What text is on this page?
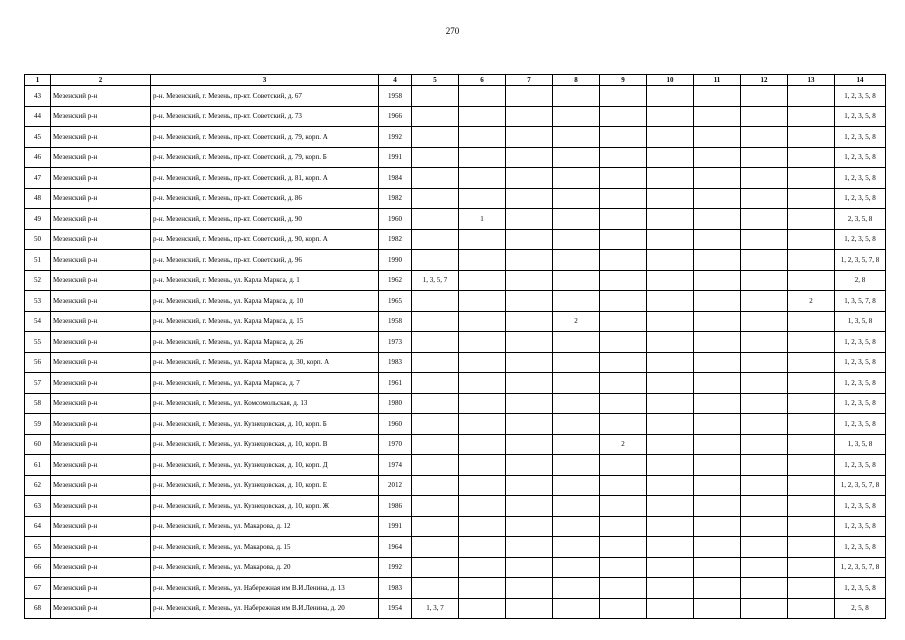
270
1	2	3	4	5	6	7	8	9	10	11	12	13	14
43	Мезенский р-н	р-н. Мезенский, г. Мезень, пр-кт. Советский, д. 67	1958										1, 2, 3, 5, 8
44	Мезенский р-н	р-н. Мезенский, г. Мезень, пр-кт. Советский, д. 73	1966										1, 2, 3, 5, 8
45	Мезенский р-н	р-н. Мезенский, г. Мезень, пр-кт. Советский, д. 79, корп. А	1992										1, 2, 3, 5, 8
46	Мезенский р-н	р-н. Мезенский, г. Мезень, пр-кт. Советский, д. 79, корп. Б	1991										1, 2, 3, 5, 8
47	Мезенский р-н	р-н. Мезенский, г. Мезень, пр-кт. Советский, д. 81, корп. А	1984										1, 2, 3, 5, 8
48	Мезенский р-н	р-н. Мезенский, г. Мезень, пр-кт. Советский, д. 86	1982										1, 2, 3, 5, 8
49	Мезенский р-н	р-н. Мезенский, г. Мезень, пр-кт. Советский, д. 90	1960		1								2, 3, 5, 8
50	Мезенский р-н	р-н. Мезенский, г. Мезень, пр-кт. Советский, д. 90, корп. А	1982										1, 2, 3, 5, 8
51	Мезенский р-н	р-н. Мезенский, г. Мезень, пр-кт. Советский, д. 96	1990										1, 2, 3, 5, 7, 8
52	Мезенский р-н	р-н. Мезенский, г. Мезень, ул. Карла Маркса, д. 1	1962	1, 3, 5, 7									2, 8
53	Мезенский р-н	р-н. Мезенский, г. Мезень, ул. Карла Маркса, д. 10	1965									2	1, 3, 5, 7, 8
54	Мезенский р-н	р-н. Мезенский, г. Мезень, ул. Карла Маркса, д. 15	1958				2						1, 3, 5, 8
55	Мезенский р-н	р-н. Мезенский, г. Мезень, ул. Карла Маркса, д. 26	1973										1, 2, 3, 5, 8
56	Мезенский р-н	р-н. Мезенский, г. Мезень, ул. Карла Маркса, д. 30, корп. А	1983										1, 2, 3, 5, 8
57	Мезенский р-н	р-н. Мезенский, г. Мезень, ул. Карла Маркса, д. 7	1961										1, 2, 3, 5, 8
58	Мезенский р-н	р-н. Мезенский, г. Мезень, ул. Комсомольская, д. 13	1980										1, 2, 3, 5, 8
59	Мезенский р-н	р-н. Мезенский, г. Мезень, ул. Кузнецовская, д. 10, корп. Б	1960										1, 2, 3, 5, 8
60	Мезенский р-н	р-н. Мезенский, г. Мезень, ул. Кузнецовская, д. 10, корп. В	1970					2					1, 3, 5, 8
61	Мезенский р-н	р-н. Мезенский, г. Мезень, ул. Кузнецовская, д. 10, корп. Д	1974										1, 2, 3, 5, 8
62	Мезенский р-н	р-н. Мезенский, г. Мезень, ул. Кузнецовская, д. 10, корп. Е	2012										1, 2, 3, 5, 7, 8
63	Мезенский р-н	р-н. Мезенский, г. Мезень, ул. Кузнецовская, д. 10, корп. Ж	1986										1, 2, 3, 5, 8
64	Мезенский р-н	р-н. Мезенский, г. Мезень, ул. Макарова, д. 12	1991										1, 2, 3, 5, 8
65	Мезенский р-н	р-н. Мезенский, г. Мезень, ул. Макарова, д. 15	1964										1, 2, 3, 5, 8
66	Мезенский р-н	р-н. Мезенский, г. Мезень, ул. Макарова, д. 20	1992										1, 2, 3, 5, 7, 8
67	Мезенский р-н	р-н. Мезенский, г. Мезень, ул. Набережная им В.И.Ленина, д. 13	1983										1, 2, 3, 5, 8
68	Мезенский р-н	р-н. Мезенский, г. Мезень, ул. Набережная им В.И.Ленина, д. 20	1954	1, 3, 7									2, 5, 8
